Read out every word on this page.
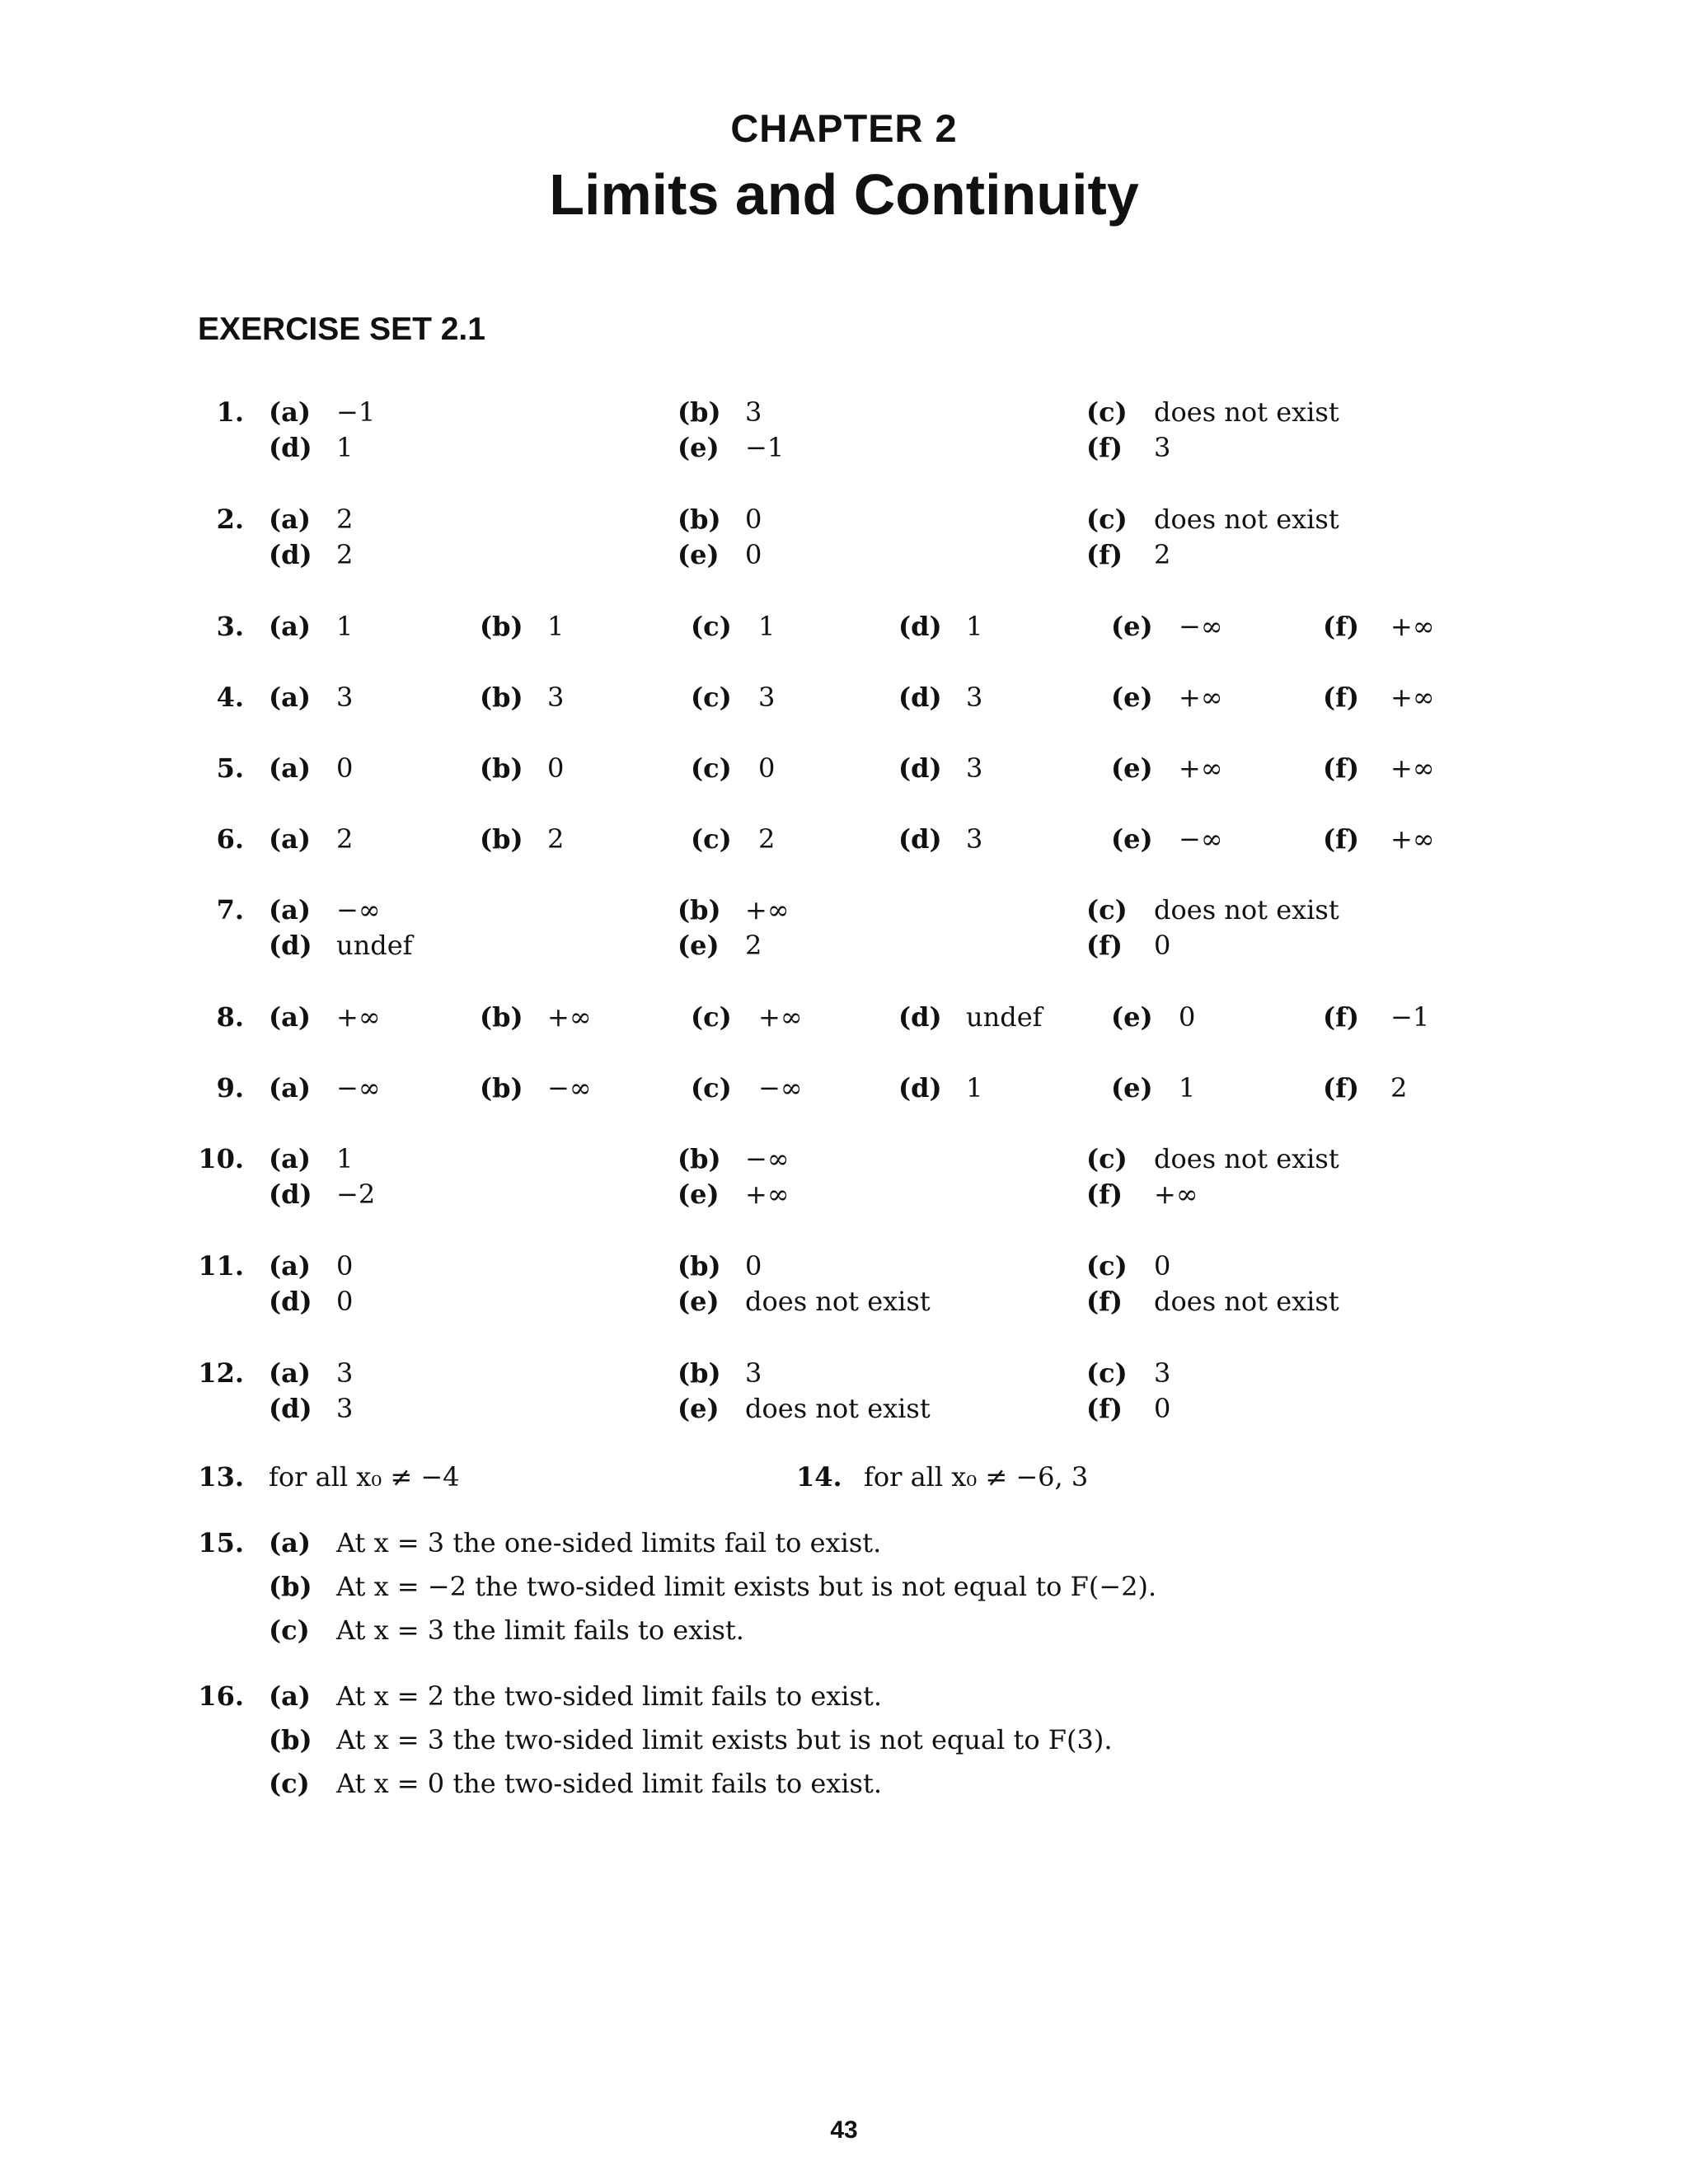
CHAPTER 2
Limits and Continuity
EXERCISE SET 2.1
1. (a) −1	(b) 3	(c) does not exist
(d) 1	(e) −1	(f) 3
2. (a) 2	(b) 0	(c) does not exist
(d) 2	(e) 0	(f) 2
3. (a) 1	(b) 1	(c) 1	(d) 1	(e) −∞	(f) +∞
4. (a) 3	(b) 3	(c) 3	(d) 3	(e) +∞	(f) +∞
5. (a) 0	(b) 0	(c) 0	(d) 3	(e) +∞	(f) +∞
6. (a) 2	(b) 2	(c) 2	(d) 3	(e) −∞	(f) +∞
7. (a) −∞	(b) +∞	(c) does not exist
(d) undef	(e) 2	(f) 0
8. (a) +∞	(b) +∞	(c) +∞	(d) undef	(e) 0	(f) −1
9. (a) −∞	(b) −∞	(c) −∞	(d) 1	(e) 1	(f) 2
10. (a) 1	(b) −∞	(c) does not exist
(d) −2	(e) +∞	(f) +∞
11. (a) 0	(b) 0	(c) 0
(d) 0	(e) does not exist	(f) does not exist
12. (a) 3	(b) 3	(c) 3
(d) 3	(e) does not exist	(f) 0
13. for all x₀ ≠ −4	14. for all x₀ ≠ −6, 3
15. (a) At x = 3 the one-sided limits fail to exist.
(b) At x = −2 the two-sided limit exists but is not equal to F(−2).
(c) At x = 3 the limit fails to exist.
16. (a) At x = 2 the two-sided limit fails to exist.
(b) At x = 3 the two-sided limit exists but is not equal to F(3).
(c) At x = 0 the two-sided limit fails to exist.
43
